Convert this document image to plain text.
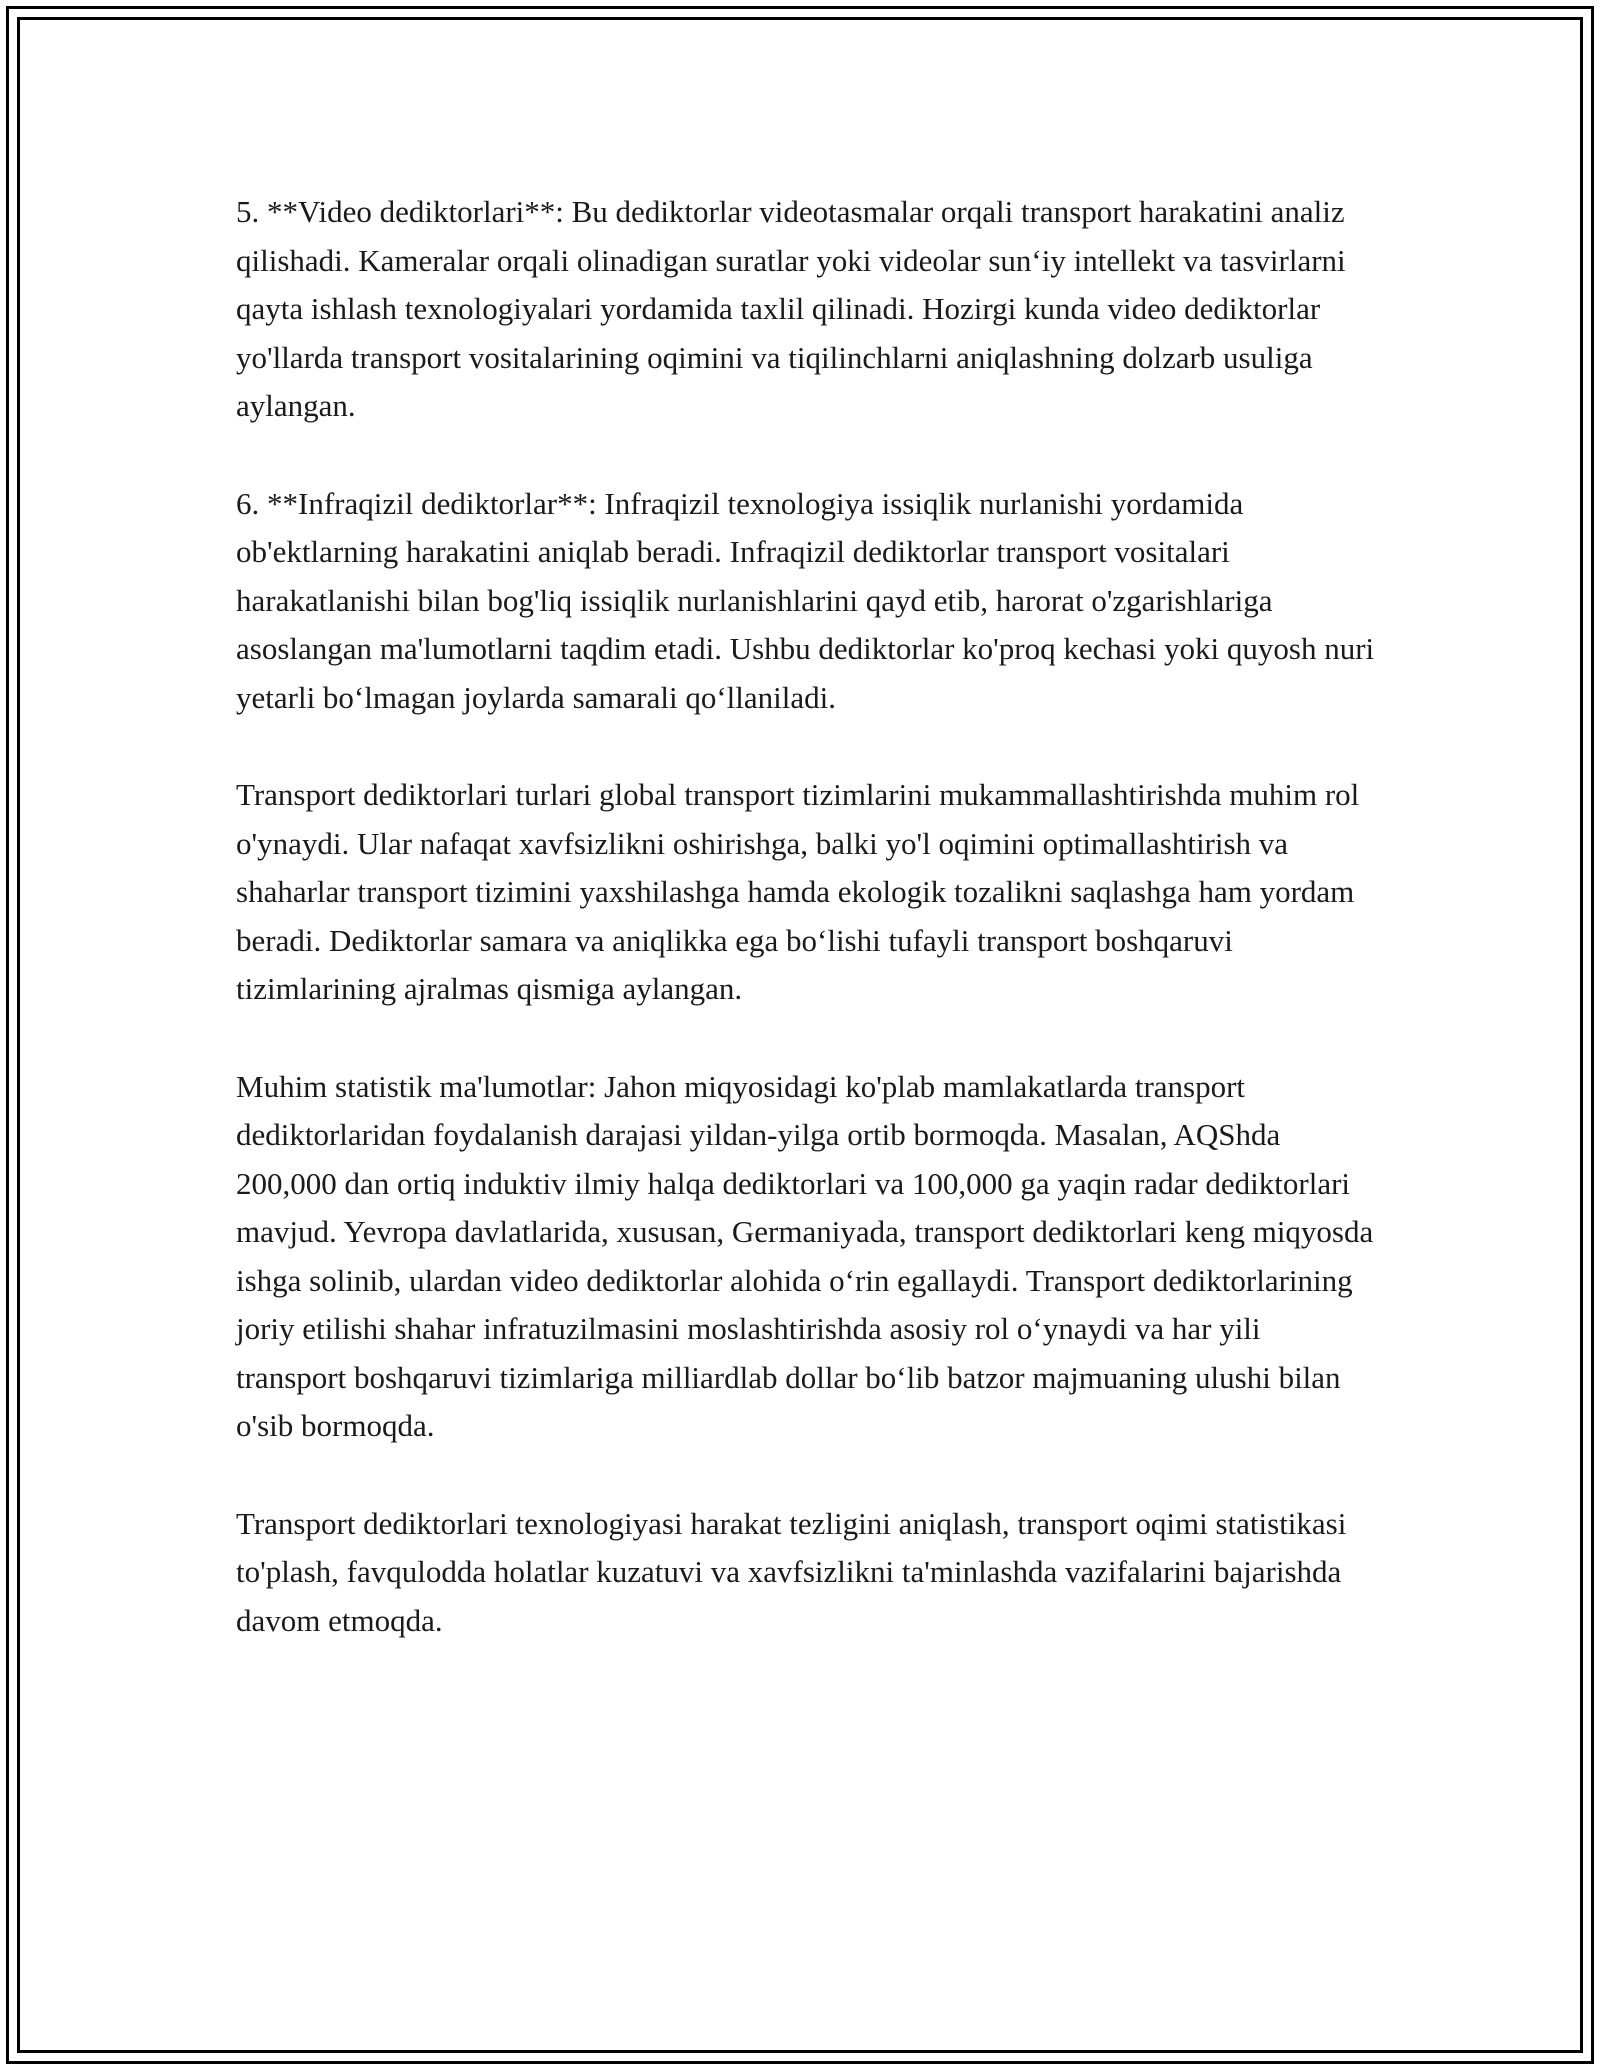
5. **Video dediktorlari**: Bu dediktorlar videotasmalar orqali transport harakatini analiz qilishadi. Kameralar orqali olinadigan suratlar yoki videolar sun‘iy intellekt va tasvirlarni qayta ishlash texnologiyalari yordamida taxlil qilinadi. Hozirgi kunda video dediktorlar yo'llarda transport vositalarining oqimini va tiqilinchlarni aniqlashning dolzarb usuliga aylangan.

6. **Infraqizil dediktorlar**: Infraqizil texnologiya issiqlik nurlanishi yordamida ob'ektlarning harakatini aniqlab beradi. Infraqizil dediktorlar transport vositalari harakatlanishi bilan bog'liq issiqlik nurlanishlarini qayd etib, harorat o'zgarishlariga asoslangan ma'lumotlarni taqdim etadi. Ushbu dediktorlar ko'proq kechasi yoki quyosh nuri yetarli bo‘lmagan joylarda samarali qo‘llaniladi.

Transport dediktorlari turlari global transport tizimlarini mukammallashtirishda muhim rol o'ynaydi. Ular nafaqat xavfsizlikni oshirishga, balki yo'l oqimini optimallashtirish va shaharlar transport tizimini yaxshilashga hamda ekologik tozalikni saqlashga ham yordam beradi. Dediktorlar samara va aniqlikka ega bo‘lishi tufayli transport boshqaruvi tizimlarining ajralmas qismiga aylangan.

Muhim statistik ma'lumotlar: Jahon miqyosidagi ko'plab mamlakatlarda transport dediktorlaridan foydalanish darajasi yildan-yilga ortib bormoqda. Masalan, AQShda 200,000 dan ortiq induktiv ilmiy halqa dediktorlari va 100,000 ga yaqin radar dediktorlari mavjud. Yevropa davlatlarida, xususan, Germaniyada, transport dediktorlari keng miqyosda ishga solinib, ulardan video dediktorlar alohida o‘rin egallaydi. Transport dediktorlarining joriy etilishi shahar infratuzilmasini moslashtirishda asosiy rol o‘ynaydi va har yili transport boshqaruvi tizimlariga milliardlab dollar bo‘lib batzor majmuaning ulushi bilan o'sib bormoqda.

Transport dediktorlari texnologiyasi harakat tezligini aniqlash, transport oqimi statistikasi to'plash, favqulodda holatlar kuzatuvi va xavfsizlikni ta'minlashda vazifalarini bajarishda davom etmoqda.
